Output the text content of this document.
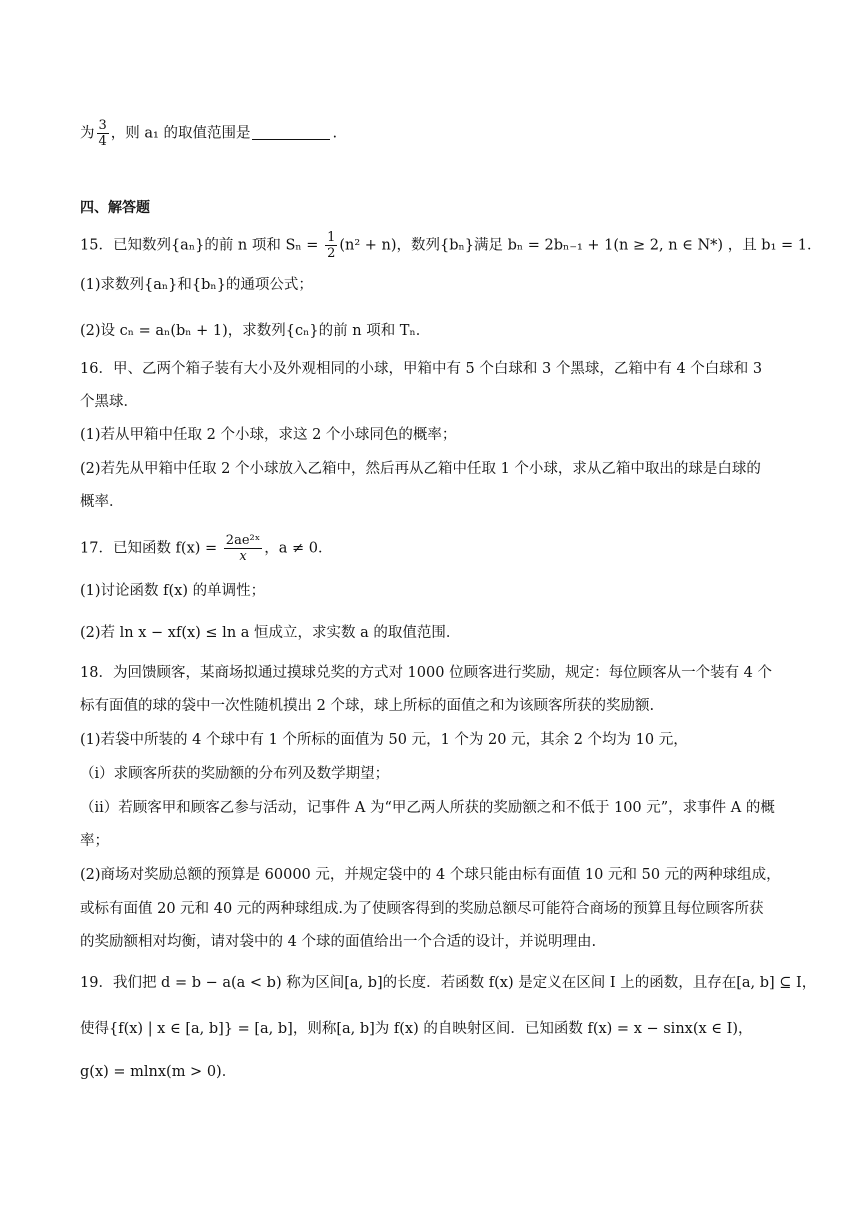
为 $\frac{3}{4}$ ，则 a₁ 的取值范围是	.
四、解答题
15．已知数列{aₙ}的前 n 项和 $S_n = \frac{1}{2} (n^2 + n)$，数列{bₙ}满足 bₙ = 2bₙ₋₁ + 1(n ≥ 2, n ∈ N*) ，且 b₁ = 1．
(1)求数列{aₙ}和{bₙ}的通项公式；
(2)设 cₙ = aₙ(bₙ + 1)，求数列{cₙ}的前 n 项和 Tₙ．
16．甲、乙两个箱子装有大小及外观相同的小球，甲箱中有 5 个白球和 3 个黑球，乙箱中有 4 个白球和 3
个黑球．
(1)若从甲箱中任取 2 个小球，求这 2 个小球同色的概率；
(2)若先从甲箱中任取 2 个小球放入乙箱中，然后再从乙箱中任取 1 个小球，求从乙箱中取出的球是白球的
概率．
17．已知函数 $f(x) = \frac{\text{2ae²ˣ}}{x}$ ，a ≠ 0．
(1)讨论函数 f(x) 的单调性；
(2)若 ln x − xf(x) ≤ ln a 恒成立，求实数 a 的取值范围．
18．为回馈顾客，某商场拟通过摸球兑奖的方式对 1000 位顾客进行奖励，规定：每位顾客从一个装有 4 个
标有面值的球的袋中一次性随机摸出 2 个球，球上所标的面值之和为该顾客所获的奖励额.
(1)若袋中所装的 4 个球中有 1 个所标的面值为 50 元，1 个为 20 元，其余 2 个均为 10 元，
（i）求顾客所获的奖励额的分布列及数学期望；
（ii）若顾客甲和顾客乙参与活动，记事件 A 为“甲乙两人所获的奖励额之和不低于 100 元”，求事件 A 的概
率；
(2)商场对奖励总额的预算是 60000 元，并规定袋中的 4 个球只能由标有面值 10 元和 50 元的两种球组成，
或标有面值 20 元和 40 元的两种球组成.为了使顾客得到的奖励总额尽可能符合商场的预算且每位顾客所获
的奖励额相对均衡，请对袋中的 4 个球的面值给出一个合适的设计，并说明理由.
19．我们把 d = b − a(a < b) 称为区间[a, b]的长度．若函数 f(x) 是定义在区间 I 上的函数，且存在[a, b] ⊆ I，
使得{f(x) | x ∈ [a, b]} = [a, b]，则称[a, b]为 f(x) 的自映射区间．已知函数 f(x) = x − sinx(x ∈ I)，
g(x) = mlnx(m > 0)．
